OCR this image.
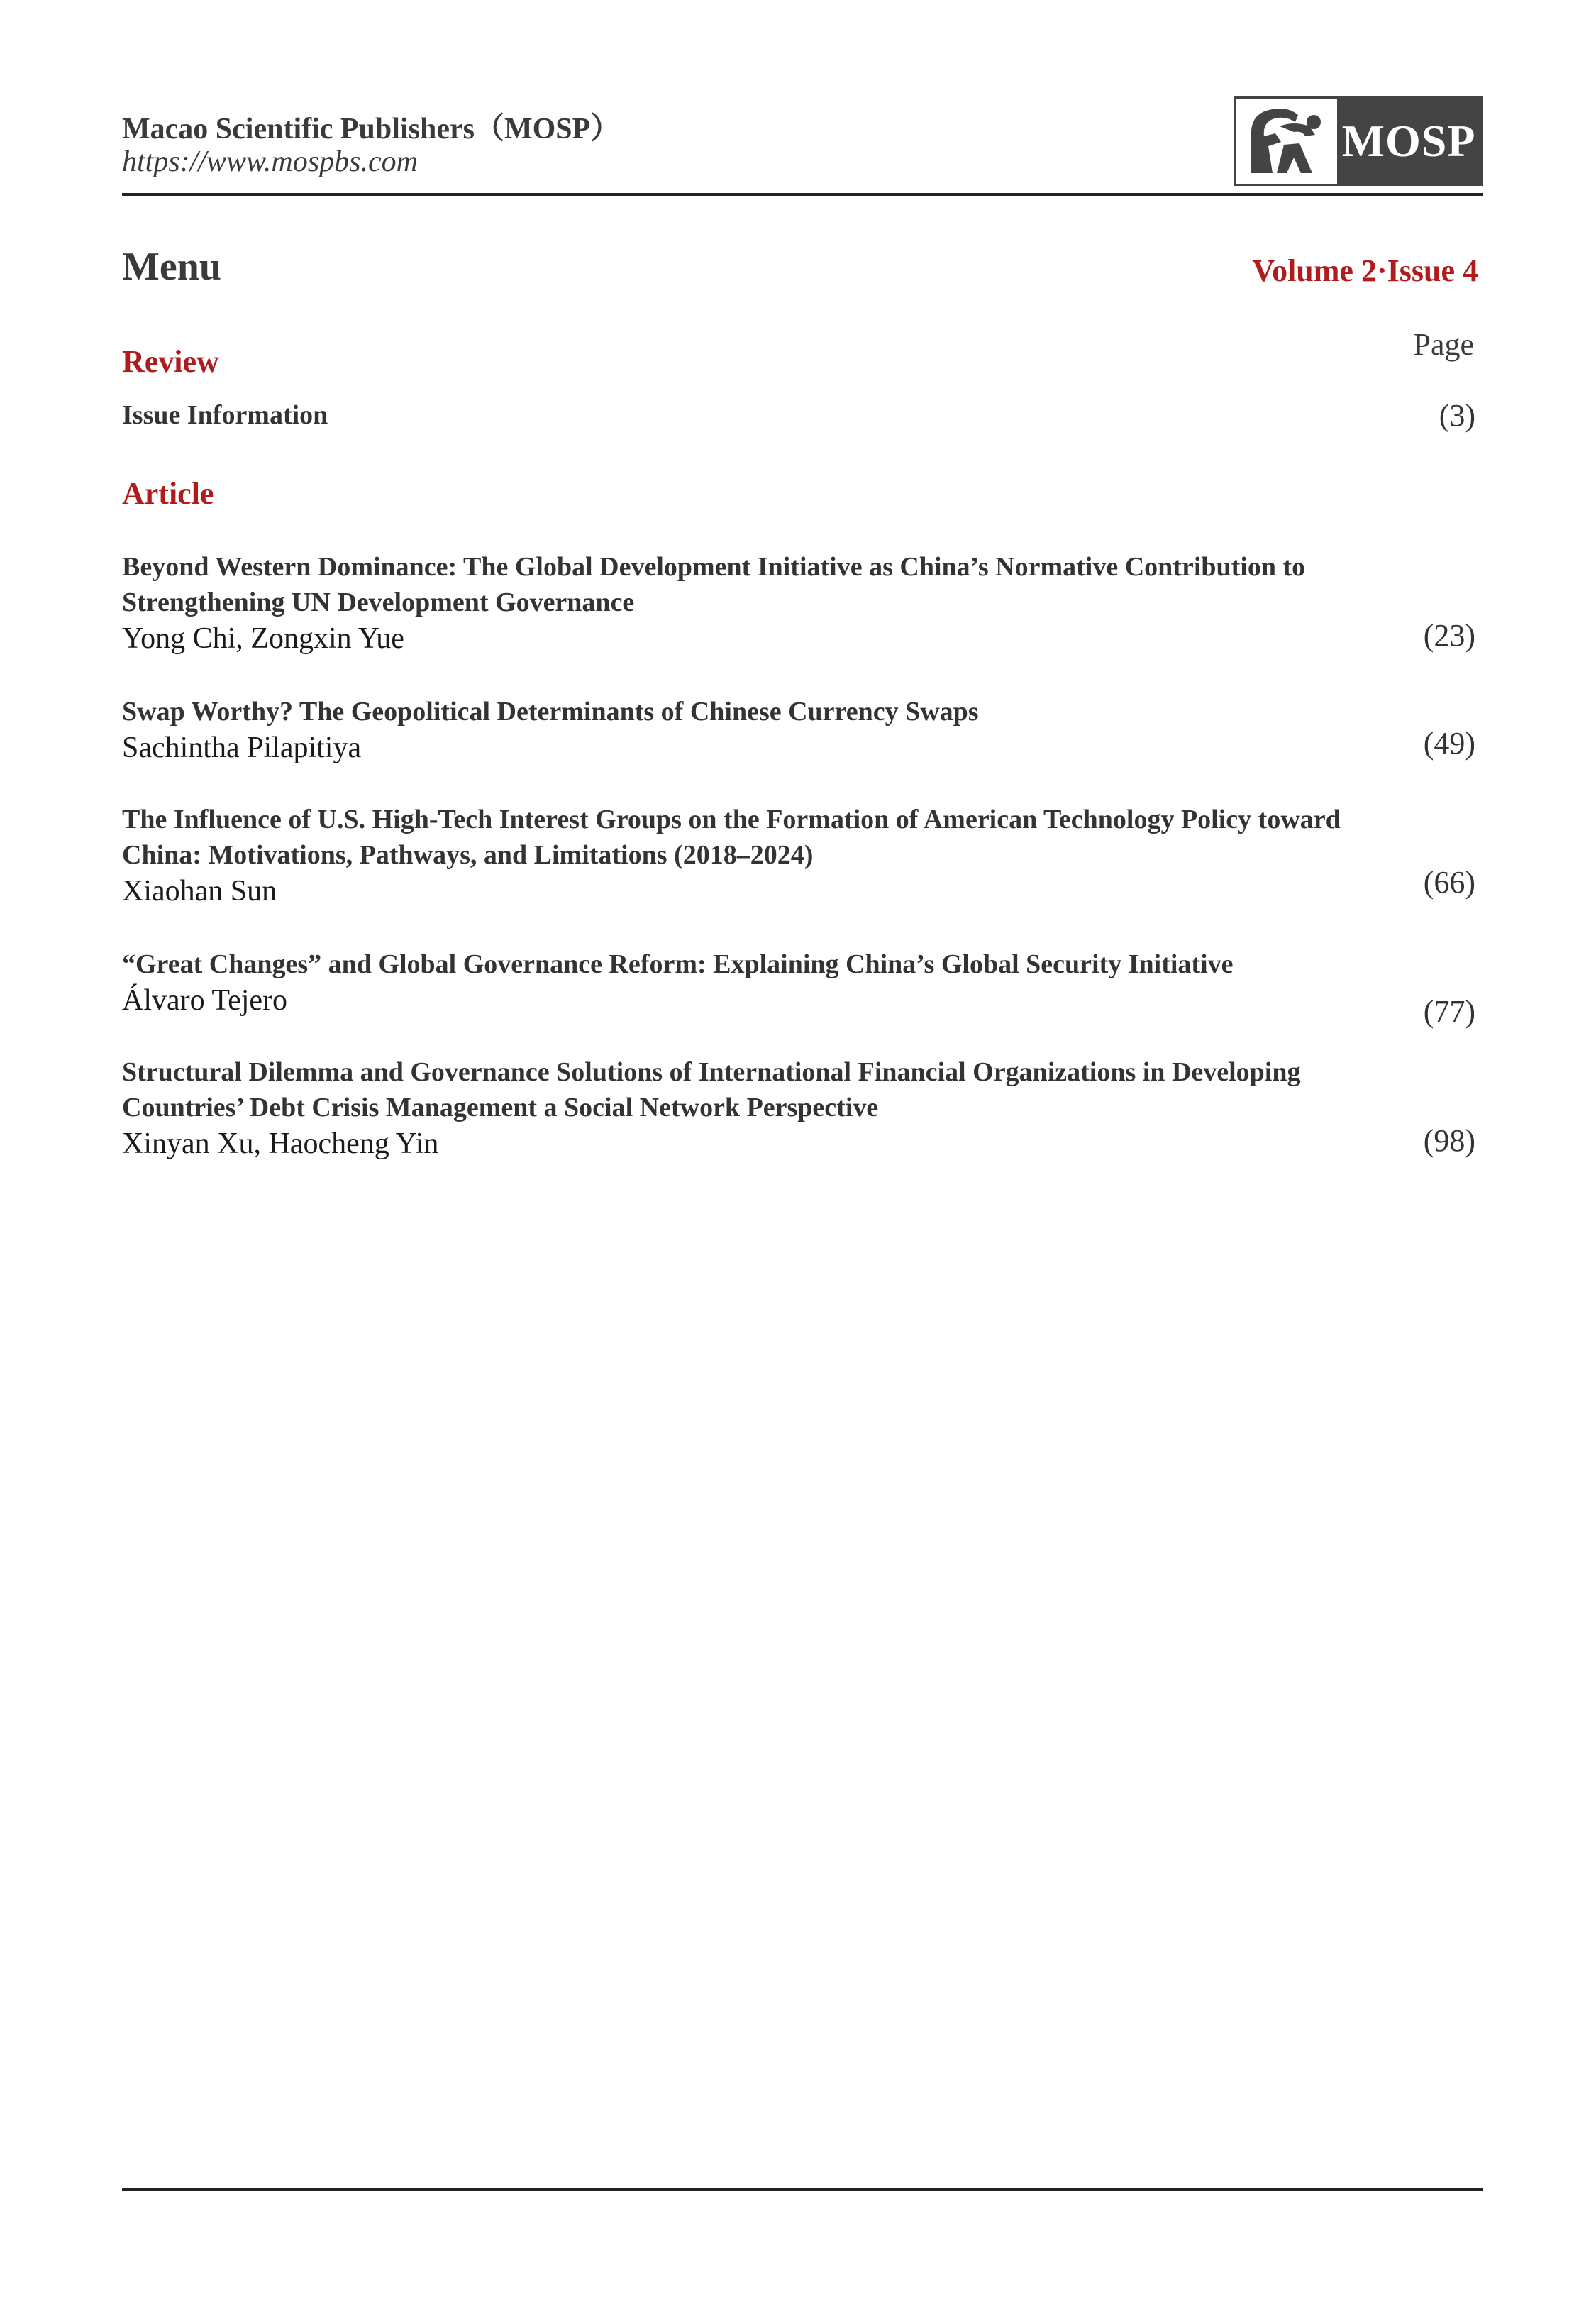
Macao Scientific Publishers（MOSP）
https://www.mospbs.com	MOSP
Menu	Volume 2·Issue 4
Page
Review
Issue Information	(3)
Article
Beyond Western Dominance: The Global Development Initiative as China’s Normative Contribution to Strengthening UN Development Governance
Yong Chi, Zongxin Yue	(23)
Swap Worthy? The Geopolitical Determinants of Chinese Currency Swaps
Sachintha Pilapitiya	(49)
The Influence of U.S. High-Tech Interest Groups on the Formation of American Technology Policy toward China: Motivations, Pathways, and Limitations (2018–2024)
Xiaohan Sun	(66)
“Great Changes” and Global Governance Reform: Explaining China’s Global Security Initiative
Álvaro Tejero	(77)
Structural Dilemma and Governance Solutions of International Financial Organizations in Developing Countries’ Debt Crisis Management a Social Network Perspective
Xinyan Xu, Haocheng Yin	(98)
